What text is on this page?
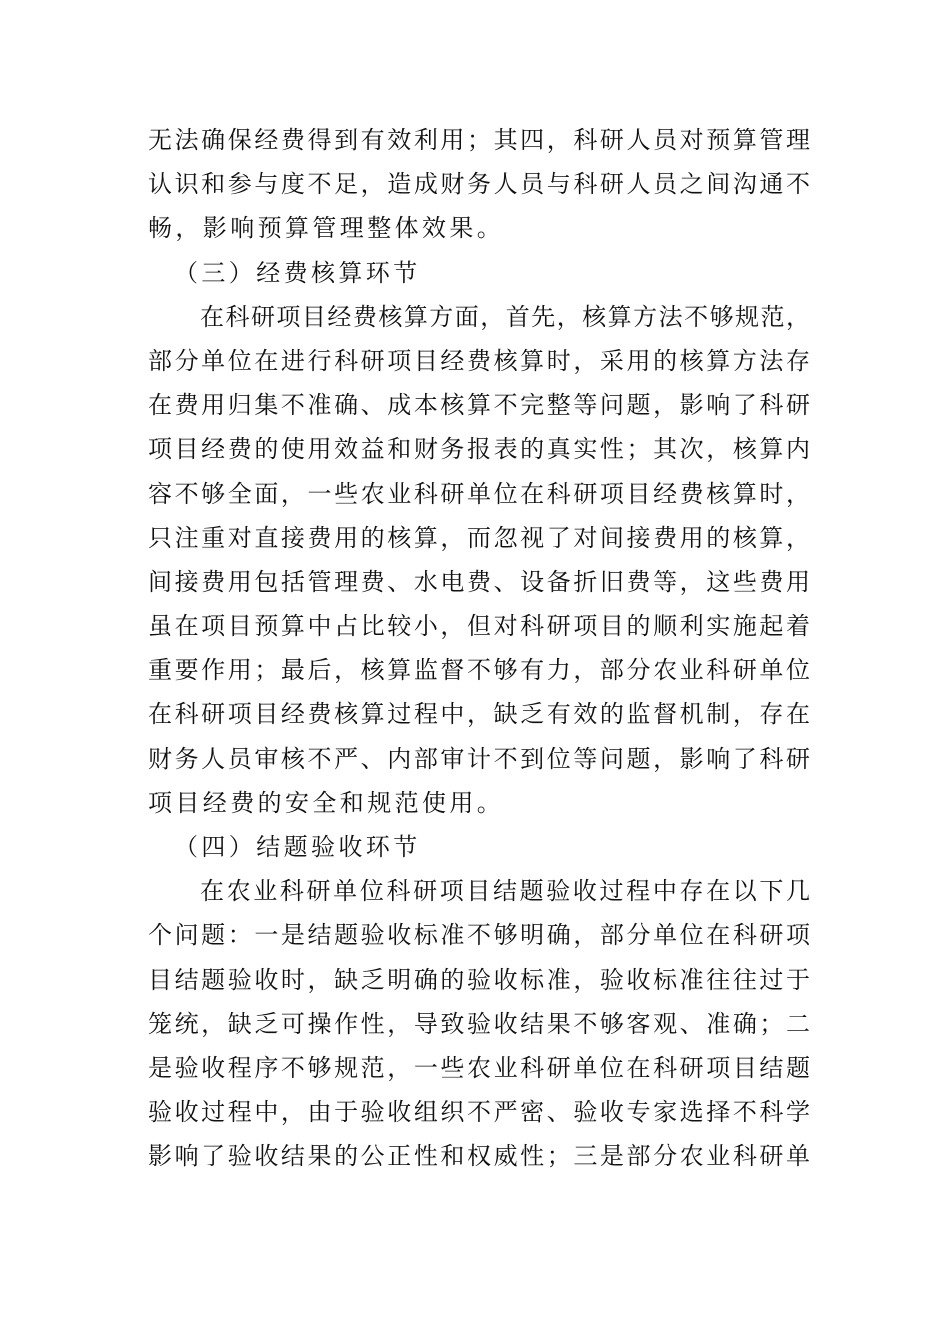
无法确保经费得到有效利用；其四，科研人员对预算管理
认识和参与度不足，造成财务人员与科研人员之间沟通不
畅，影响预算管理整体效果。
（三）经费核算环节
在科研项目经费核算方面，首先，核算方法不够规范，
部分单位在进行科研项目经费核算时，采用的核算方法存
在费用归集不准确、成本核算不完整等问题，影响了科研
项目经费的使用效益和财务报表的真实性；其次，核算内
容不够全面，一些农业科研单位在科研项目经费核算时，
只注重对直接费用的核算，而忽视了对间接费用的核算，
间接费用包括管理费、水电费、设备折旧费等，这些费用
虽在项目预算中占比较小，但对科研项目的顺利实施起着
重要作用；最后，核算监督不够有力，部分农业科研单位
在科研项目经费核算过程中，缺乏有效的监督机制，存在
财务人员审核不严、内部审计不到位等问题，影响了科研
项目经费的安全和规范使用。
（四）结题验收环节
在农业科研单位科研项目结题验收过程中存在以下几
个问题：一是结题验收标准不够明确，部分单位在科研项
目结题验收时，缺乏明确的验收标准，验收标准往往过于
笼统，缺乏可操作性，导致验收结果不够客观、准确；二
是验收程序不够规范，一些农业科研单位在科研项目结题
验收过程中，由于验收组织不严密、验收专家选择不科学
影响了验收结果的公正性和权威性；三是部分农业科研单
